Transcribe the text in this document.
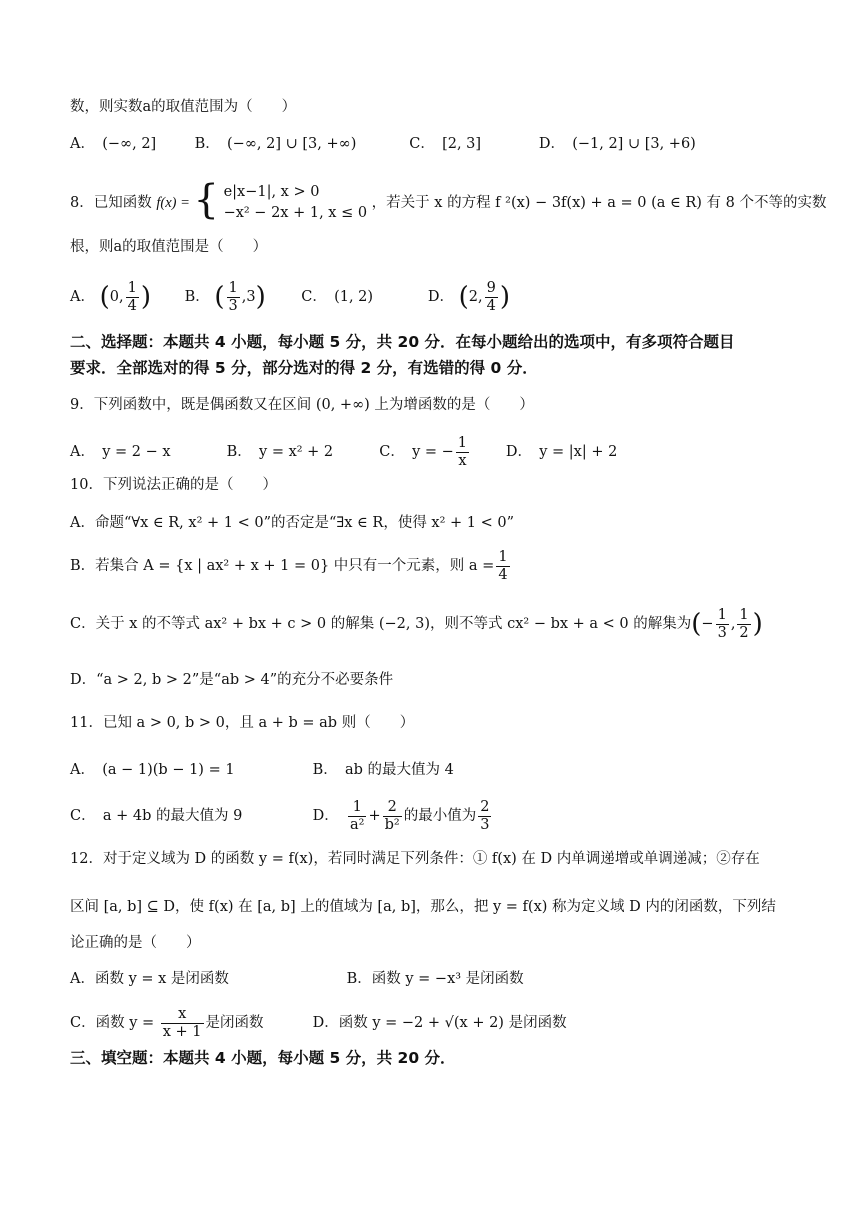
数，则实数a的取值范围为（　　）
A．　(−∞, 2]	B．　(−∞, 2] ∪ [3, +∞)	C．　[2, 3]	D．　(−1, 2] ∪ [3, +6)
8．已知函数 f(x) = { e|x−1|, x > 0
−x² − 2x + 1, x ≤ 0
，若关于 x 的方程 f ²(x) − 3f(x) + a = 0 (a ∈ R) 有 8 个不等的实数
根，则a的取值范围是（　　）
A． (0, $\frac{1}{4}$ ) B． ( $\frac{1}{3} ,3$) C．　(1, 2)	D． (2, $\frac{9}{4}$ )
二、选择题：本题共 4 小题，每小题 5 分，共 20 分．在每小题给出的选项中，有多项符合题目
要求．全部选对的得 5 分，部分选对的得 2 分，有选错的得 0 分．
9．下列函数中，既是偶函数又在区间 (0, +∞) 上为增函数的是（　　）
A．　y = 2 − x	B．　y = x² + 2	C．　y = − $\frac{1}{x}$	D．　y = |x| + 2
10．下列说法正确的是（　　）
A．命题“∀x ∈ R, x² + 1 < 0”的否定是“∃x ∈ R，使得 x² + 1 < 0”
B．若集合 A = {x | ax² + x + 1 = 0} 中只有一个元素，则 $a = \frac{1}{4}$
C．关于 x 的不等式 ax² + bx + c > 0 的解集 (−2, 3)，则不等式 cx² − bx + a < 0 的解集为(− $\frac{1}{3}$ , $\frac{1}{2}$ )
D．“a > 2, b > 2”是“ab > 4”的充分不必要条件
11．已知 a > 0, b > 0，且 a + b = ab 则（　　）
A．　(a − 1)(b − 1) = 1	B．　ab 的最大值为 4
C．　a + 4b 的最大值为 9	D．　 $\frac{1}{\text{a²}} + \frac{2}{\text{b²}}$ 的最小值为 $\frac{2}{3}$
12．对于定义域为 D 的函数 y = f(x)，若同时满足下列条件：① f(x) 在 D 内单调递增或单调递减；②存在
区间 [a, b] ⊆ D，使 f(x) 在 [a, b] 上的值域为 [a, b]，那么，把 y = f(x) 称为定义域 D 内的闭函数，下列结
论正确的是（　　）
A．函数 y = x 是闭函数	B．函数 y = −x³ 是闭函数
C．函数 $y = \frac{x}{x + 1}$ 是闭函数	D．函数 y = −2 + √(x + 2) 是闭函数
三、填空题：本题共 4 小题，每小题 5 分，共 20 分．
